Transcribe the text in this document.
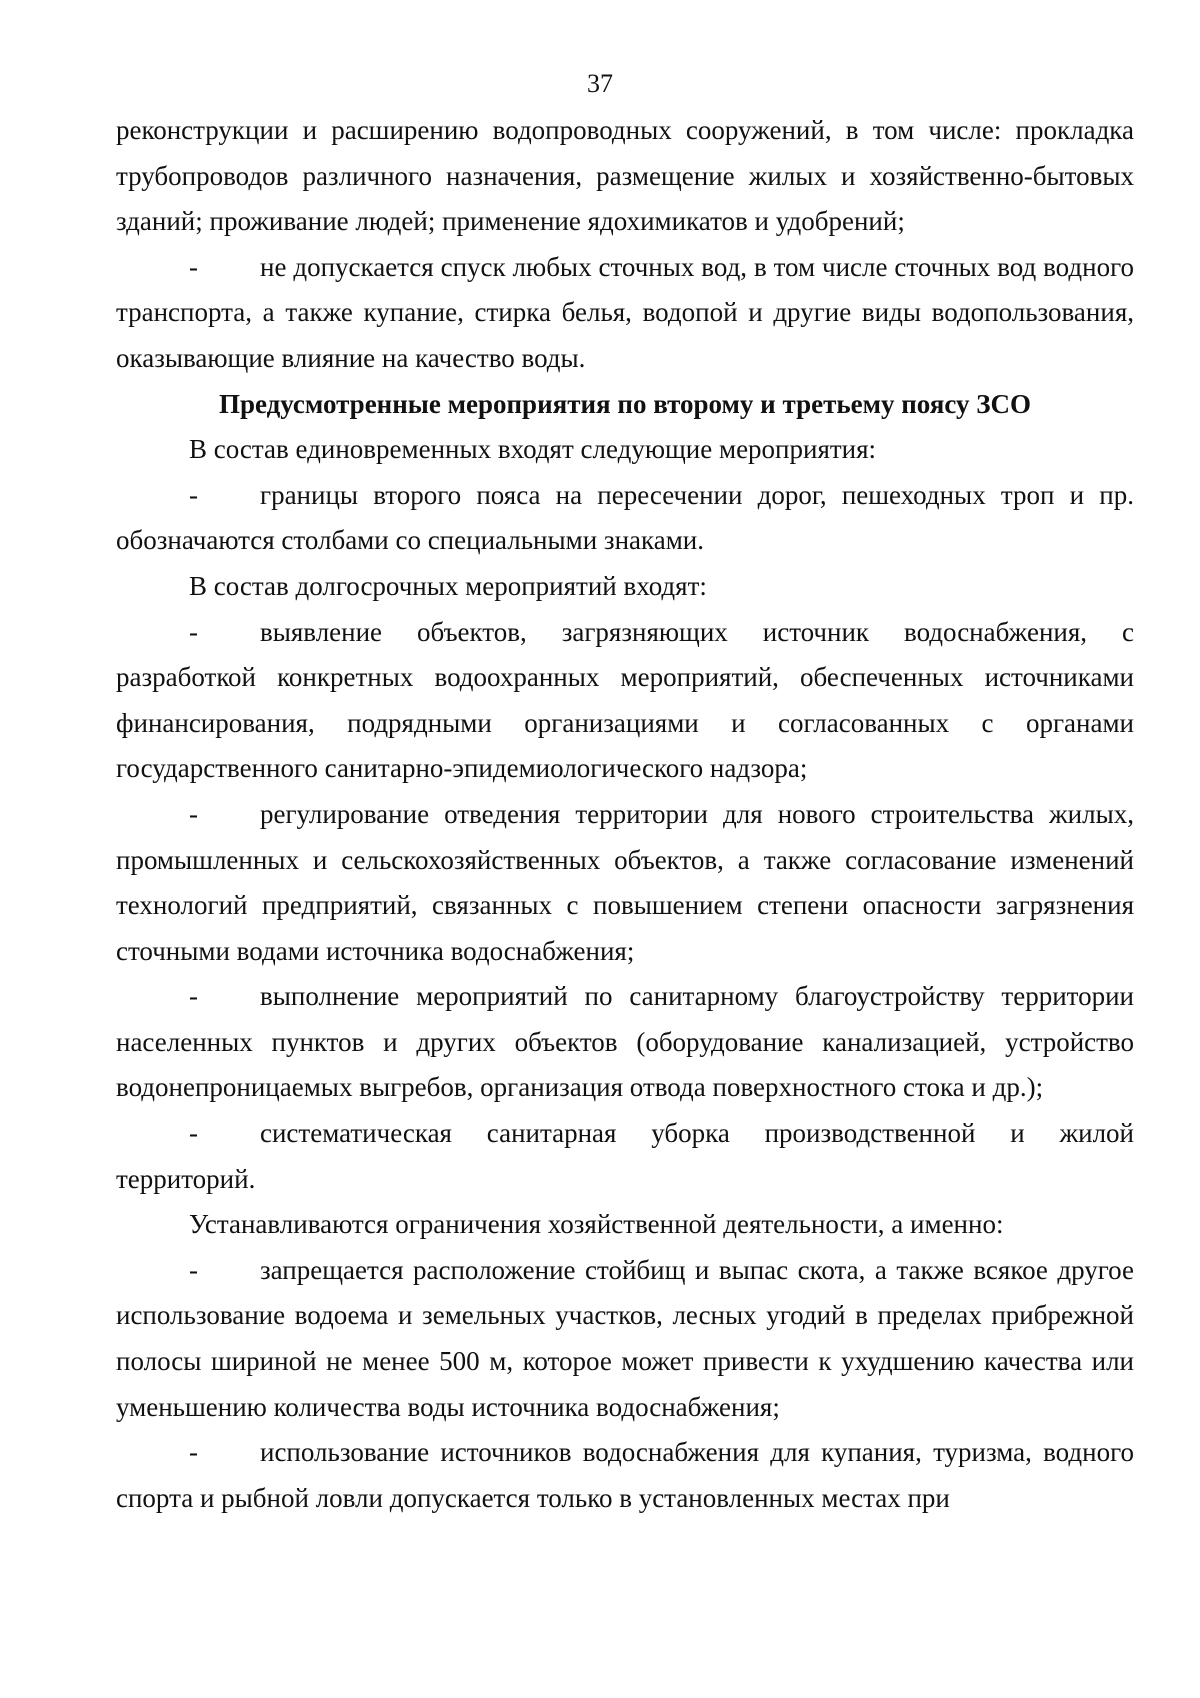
37

реконструкции и расширению водопроводных сооружений, в том числе: прокладка трубопроводов различного назначения, размещение жилых и хозяйственно-бытовых зданий; проживание людей; применение ядохимикатов и удобрений;

- не допускается спуск любых сточных вод, в том числе сточных вод водного транспорта, а также купание, стирка белья, водопой и другие виды водопользования, оказывающие влияние на качество воды.

Предусмотренные мероприятия по второму и третьему поясу ЗСО

В состав единовременных входят следующие мероприятия:

- границы второго пояса на пересечении дорог, пешеходных троп и пр. обозначаются столбами со специальными знаками.

В состав долгосрочных мероприятий входят:

- выявление объектов, загрязняющих источник водоснабжения, с разработкой конкретных водоохранных мероприятий, обеспеченных источниками финансирования, подрядными организациями и согласованных с органами государственного санитарно-эпидемиологического надзора;

- регулирование отведения территории для нового строительства жилых, промышленных и сельскохозяйственных объектов, а также согласование изменений технологий предприятий, связанных с повышением степени опасности загрязнения сточными водами источника водоснабжения;

- выполнение мероприятий по санитарному благоустройству территории населенных пунктов и других объектов (оборудование канализацией, устройство водонепроницаемых выгребов, организация отвода поверхностного стока и др.);

- систематическая санитарная уборка производственной и жилой территорий.

Устанавливаются ограничения хозяйственной деятельности, а именно:

- запрещается расположение стойбищ и выпас скота, а также всякое другое использование водоема и земельных участков, лесных угодий в пределах прибрежной полосы шириной не менее 500 м, которое может привести к ухудшению качества или уменьшению количества воды источника водоснабжения;

- использование источников водоснабжения для купания, туризма, водного спорта и рыбной ловли допускается только в установленных местах при
